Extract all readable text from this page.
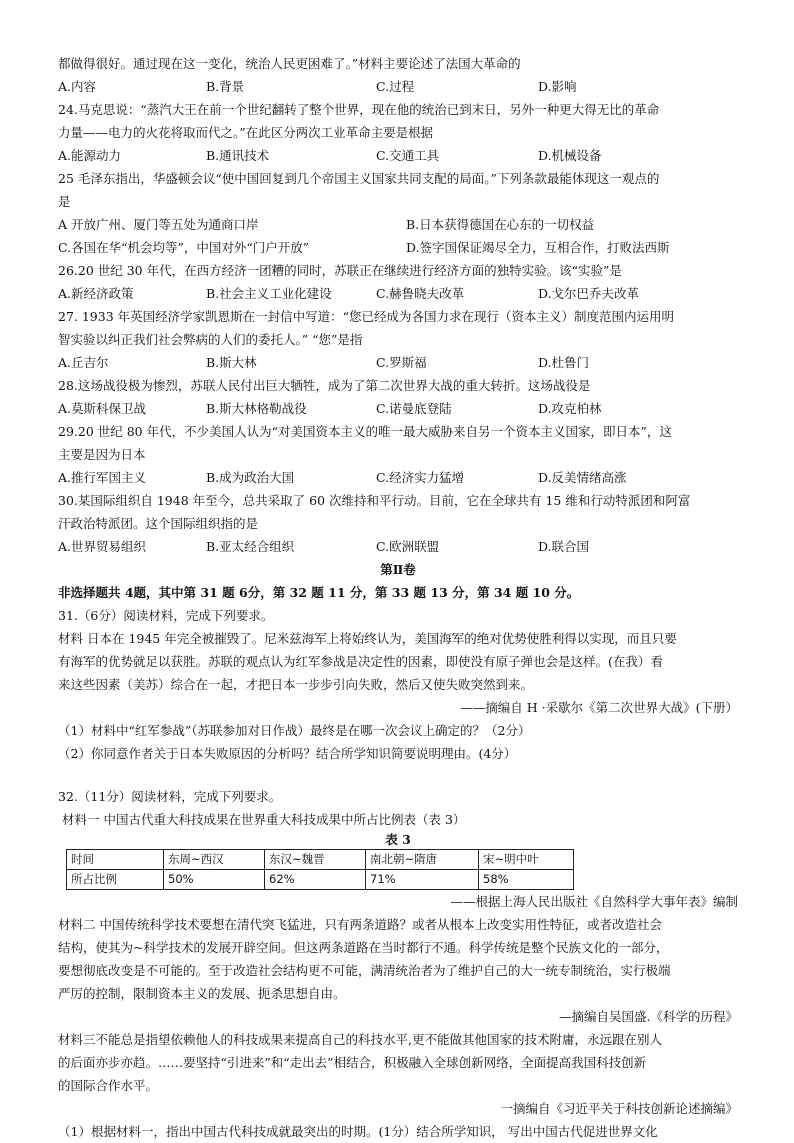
都做得很好。通过现在这一变化，统治人民更困难了。”材料主要论述了法国大革命的
A.内容	B.背景	C.过程	D.影响
24.马克思说：“蒸汽大王在前一个世纪翻转了整个世界，现在他的统治已到末日，另外一种更大得无比的革命
力量——电力的火花将取而代之。”在此区分两次工业革命主要是根据
A.能源动力	B.通讯技术	C.交通工具	D.机械设备
25 毛泽东指出，华盛顿会议“使中国回复到几个帝国主义国家共同支配的局面。”下列条款最能体现这一观点的
是
A 开放广州、厦门等五处为通商口岸	B.日本获得德国在心东的一切权益
C.各国在华“机会均等”，中国对外“门户开放”	D.签字国保证竭尽全力，互相合作，打败法西斯
26.20 世纪 30 年代，在西方经济一团糟的同时，苏联正在继续进行经济方面的独特实验。该“实验”是
A.新经济政策	B.社会主义工业化建设	C.赫鲁晓夫改革	D.戈尔巴乔夫改革
27. 1933 年英国经济学家凯恩斯在一封信中写道：“您已经成为各国力求在现行（资本主义）制度范围内运用明
智实验以纠正我们社会弊病的人们的委托人。” “您”是指
A.丘吉尔	B.斯大林	C.罗斯福	D.杜鲁门
28.这场战役极为惨烈，苏联人民付出巨大牺牲，成为了第二次世界大战的重大转折。这场战役是
A.莫斯科保卫战	B.斯大林格勒战役	C.诺曼底登陆	D.攻克柏林
29.20 世纪 80 年代，不少美国人认为“对美国资本主义的唯一最大威胁来自另一个资本主义国家，即日本”，这
主要是因为日本
A.推行军国主义	B.成为政治大国	C.经济实力猛增	D.反美情绪高涨
30.某国际组织自 1948 年至今，总共采取了 60 次维持和平行动。目前，它在全球共有 15 维和行动特派团和阿富
汗政治特派团。这个国际组织指的是
A.世界贸易组织	B.亚太经合组织	C.欧洲联盟	D.联合国
第Ⅱ卷
非选择题共 4题，其中第 31 题 6分，第 32 题 11 分，第 33 题 13 分，第 34 题 10 分。
31.（6分）阅读材料，完成下列要求。
材料 日本在 1945 年完全被摧毁了。尼米兹海军上将始终认为，美国海军的绝对优势使胜利得以实现，而且只要
有海军的优势就足以获胜。苏联的观点认为红军参战是决定性的因素，即使没有原子弹也会是这样。(在我）看
来这些因素（美苏）综合在一起，才把日本一步步引向失败，然后又使失败突然到来。
——摘编自 H ·采歇尔《第二次世界大战》(下册）
（1）材料中“红军参战”（苏联参加对日作战）最终是在哪一次会议上确定的？（2分）
（2）你同意作者关于日本失败原因的分析吗？结合所学知识简要说明理由。(4分）
32.（11分）阅读材料，完成下列要求。
材料一 中国古代重大科技成果在世界重大科技成果中所占比例表（表 3）
表 3
时间	东周~西汉	东汉~魏晋	南北朝~隋唐	宋~明中叶
所占比例	50%	62%	71%	58%
——根据上海人民出版社《自然科学大事年表》编制
材料二 中国传统科学技术要想在清代突飞猛进，只有两条道路？或者从根本上改变实用性特征，或者改造社会
结构，使其为~科学技术的发展开辟空间。但这两条道路在当时都行不通。科学传统是整个民族文化的一部分，
要想彻底改变是不可能的。至于改造社会结构更不可能，满清统治者为了维护自己的大一统专制统治，实行极端
严厉的控制，限制资本主义的发展、扼杀思想自由。
—摘编自吴国盛.《科学的历程》
材料三不能总是指望依赖他人的科技成果来提高自己的科技水平,更不能做其他国家的技术附庸，永远跟在别人
的后面亦步亦趋。……要坚持“引进来”和“走出去”相结合，积极融入全球创新网络，全面提高我国科技创新
的国际合作水平。
一摘编自《习近平关于科技创新论述摘编》
（1）根据材料一，指出中国古代科技成就最突出的时期。(1分）结合所学知识， 写出中国古代促进世界文化
